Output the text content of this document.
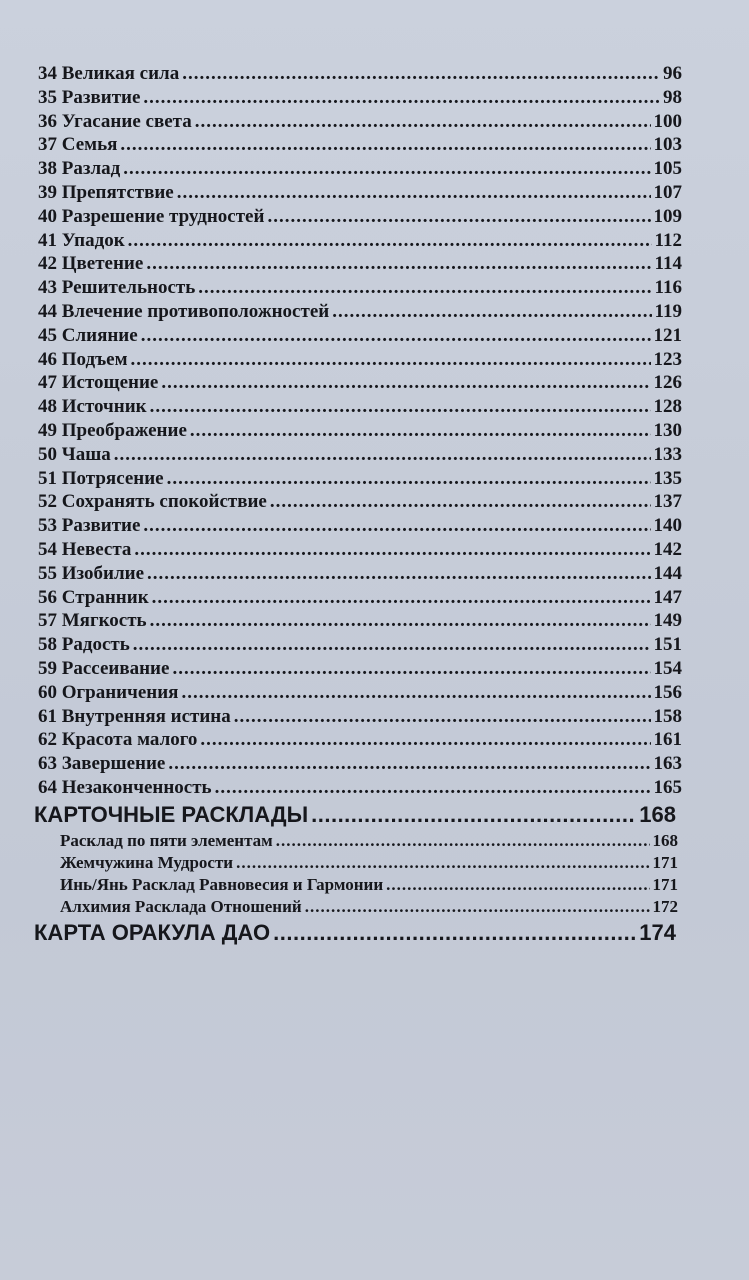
34 Великая сила .....	96
35 Развитие .....	98
36 Угасание света .....	100
37 Семья .....	103
38 Разлад .....	105
39 Препятствие .....	107
40 Разрешение трудностей .....	109
41 Упадок .....	112
42 Цветение .....	114
43 Решительность .....	116
44 Влечение противоположностей .....	119
45 Слияние .....	121
46 Подъем .....	123
47 Истощение .....	126
48 Источник .....	128
49 Преображение .....	130
50 Чаша .....	133
51 Потрясение .....	135
52 Сохранять спокойствие .....	137
53 Развитие .....	140
54 Невеста .....	142
55 Изобилие .....	144
56 Странник .....	147
57 Мягкость .....	149
58 Радость .....	151
59 Рассеивание .....	154
60 Ограничения .....	156
61 Внутренняя истина .....	158
62 Красота малого .....	161
63 Завершение .....	163
64 Незаконченность .....	165
КАРТОЧНЫЕ РАСКЛАДЫ .....	168
Расклад по пяти элементам .....	168
Жемчужина Мудрости .....	171
Инь/Янь Расклад Равновесия и Гармонии .....	171
Алхимия Расклада Отношений .....	172
КАРТА ОРАКУЛА ДАО .....	174
